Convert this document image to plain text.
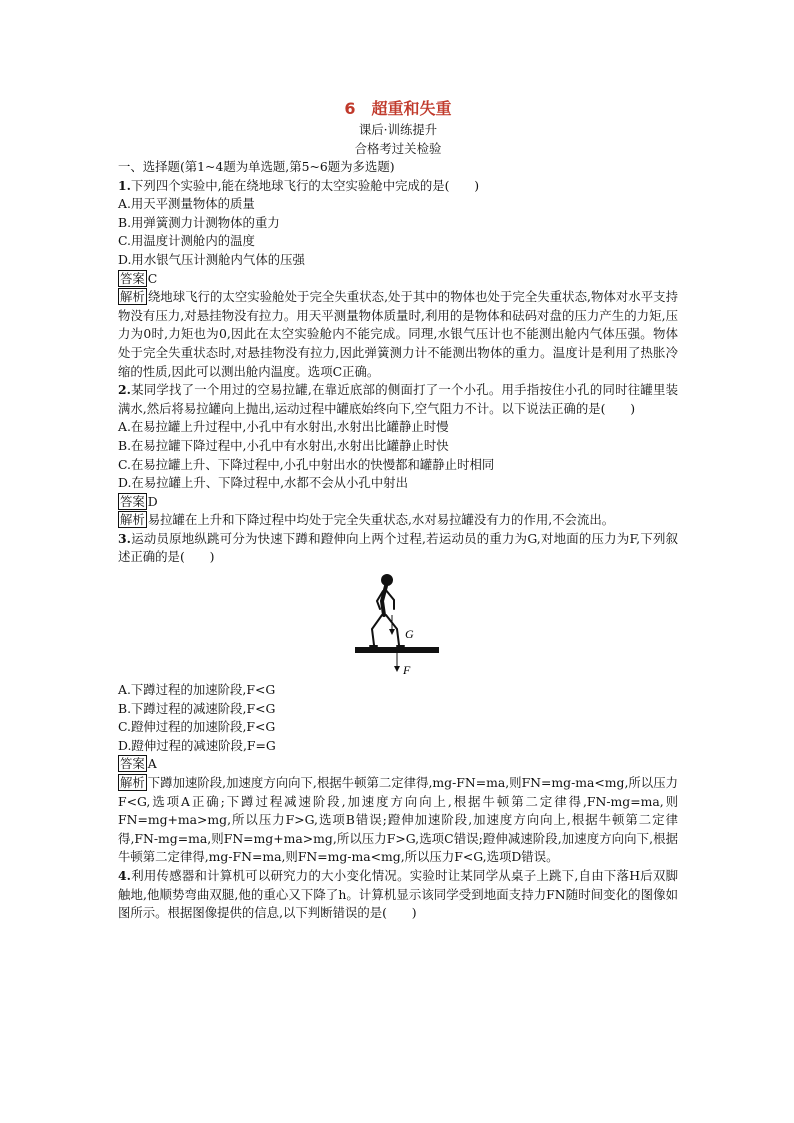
6　超重和失重
课后·训练提升
合格考过关检验
一、选择题(第1~4题为单选题,第5~6题为多选题)
1.下列四个实验中,能在绕地球飞行的太空实验舱中完成的是(　　)
A.用天平测量物体的质量
B.用弹簧测力计测物体的重力
C.用温度计测舱内的温度
D.用水银气压计测舱内气体的压强
答案 C
解析 绕地球飞行的太空实验舱处于完全失重状态,处于其中的物体也处于完全失重状态,物体对水平支持物没有压力,对悬挂物没有拉力。用天平测量物体质量时,利用的是物体和砝码对盘的压力产生的力矩,压力为0时,力矩也为0,因此在太空实验舱内不能完成。同理,水银气压计也不能测出舱内气体压强。物体处于完全失重状态时,对悬挂物没有拉力,因此弹簧测力计不能测出物体的重力。温度计是利用了热胀冷缩的性质,因此可以测出舱内温度。选项C正确。
2.某同学找了一个用过的空易拉罐,在靠近底部的侧面打了一个小孔。用手指按住小孔的同时往罐里装满水,然后将易拉罐向上抛出,运动过程中罐底始终向下,空气阻力不计。以下说法正确的是(　　)
A.在易拉罐上升过程中,小孔中有水射出,水射出比罐静止时慢
B.在易拉罐下降过程中,小孔中有水射出,水射出比罐静止时快
C.在易拉罐上升、下降过程中,小孔中射出水的快慢都和罐静止时相同
D.在易拉罐上升、下降过程中,水都不会从小孔中射出
答案 D
解析 易拉罐在上升和下降过程中均处于完全失重状态,水对易拉罐没有力的作用,不会流出。
3.运动员原地纵跳可分为快速下蹲和蹬伸向上两个过程,若运动员的重力为G,对地面的压力为F,下列叙述正确的是(　　)
G
F
A.下蹲过程的加速阶段,F<G
B.下蹲过程的减速阶段,F<G
C.蹬伸过程的加速阶段,F<G
D.蹬伸过程的减速阶段,F=G
答案 A
解析 下蹲加速阶段,加速度方向向下,根据牛顿第二定律得,mg-FN=ma,则FN=mg-ma<mg,所以压力F<G,选项A正确;下蹲过程减速阶段,加速度方向向上,根据牛顿第二定律得,FN-mg=ma,则FN=mg+ma>mg,所以压力F>G,选项B错误;蹬伸加速阶段,加速度方向向上,根据牛顿第二定律得,FN-mg=ma,则FN=mg+ma>mg,所以压力F>G,选项C错误;蹬伸减速阶段,加速度方向向下,根据牛顿第二定律得,mg-FN=ma,则FN=mg-ma<mg,所以压力F<G,选项D错误。
4.利用传感器和计算机可以研究力的大小变化情况。实验时让某同学从桌子上跳下,自由下落H后双脚触地,他顺势弯曲双腿,他的重心又下降了h。计算机显示该同学受到地面支持力FN随时间变化的图像如图所示。根据图像提供的信息,以下判断错误的是(　　)
